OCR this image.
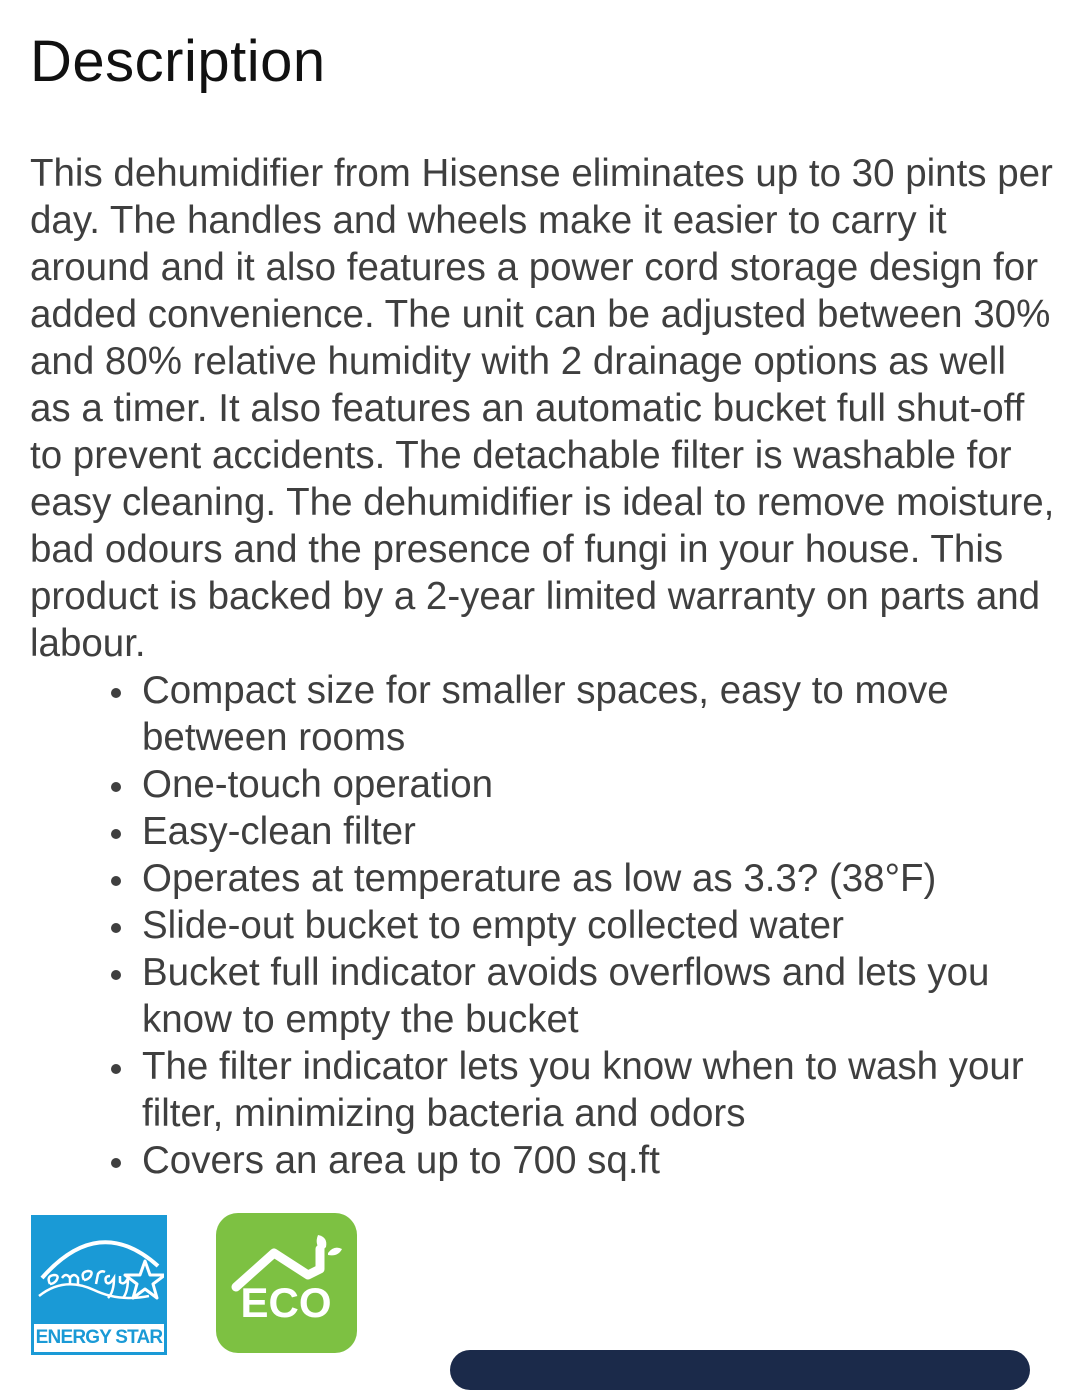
Description

This dehumidifier from Hisense eliminates up to 30 pints per day. The handles and wheels make it easier to carry it around and it also features a power cord storage design for added convenience. The unit can be adjusted between 30% and 80% relative humidity with 2 drainage options as well as a timer. It also features an automatic bucket full shut-off to prevent accidents. The detachable filter is washable for easy cleaning. The dehumidifier is ideal to remove moisture, bad odours and the presence of fungi in your house. This product is backed by a 2-year limited warranty on parts and labour.

Compact size for smaller spaces, easy to move between rooms
One-touch operation
Easy-clean filter
Operates at temperature as low as 3.3? (38°F)
Slide-out bucket to empty collected water
Bucket full indicator avoids overflows and lets you know to empty the bucket
The filter indicator lets you know when to wash your filter, minimizing bacteria and odors
Covers an area up to 700 sq.ft
ENERGY STAR
ECO
